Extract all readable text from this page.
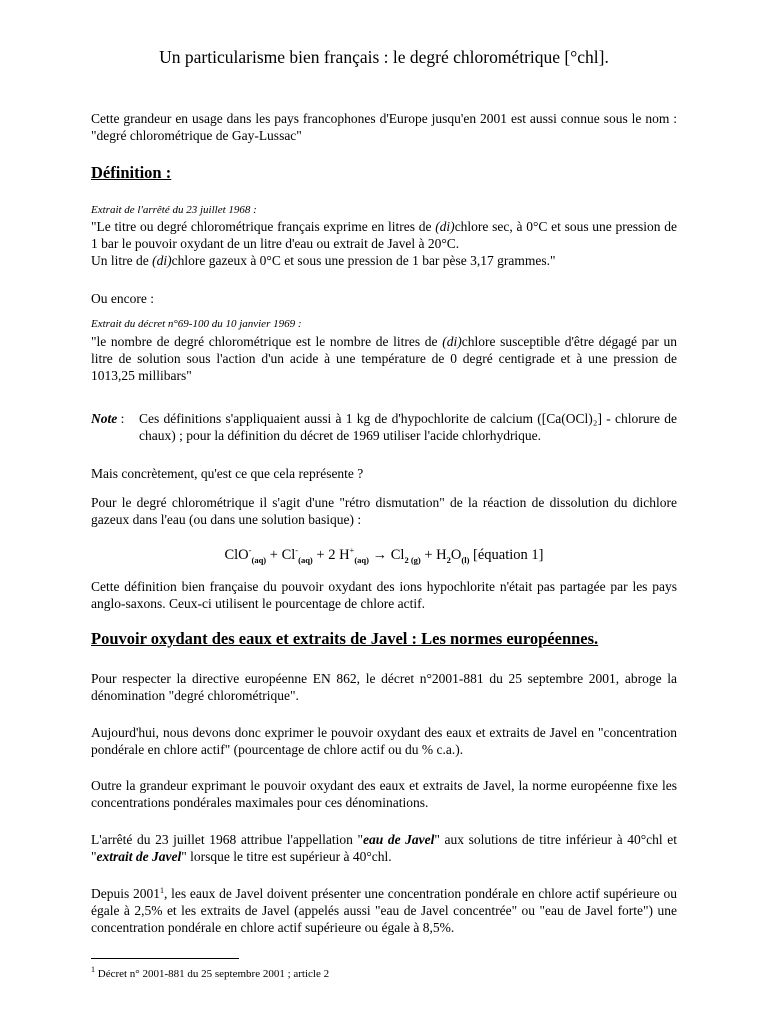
Un particularisme bien français : le degré chlorométrique [°chl].
Cette grandeur en usage dans les pays francophones d'Europe jusqu'en 2001 est aussi connue sous le nom : "degré chlorométrique de Gay-Lussac"
Définition :
Extrait de l'arrêté du 23 juillet 1968 :
"Le titre ou degré chlorométrique français exprime en litres de (di)chlore sec, à 0°C et sous une pression de 1 bar le pouvoir oxydant de un litre d'eau ou extrait de Javel à 20°C.
Un litre de (di)chlore gazeux à 0°C et sous une pression de 1 bar pèse 3,17 grammes."
Ou encore :
Extrait du décret n°69-100 du 10 janvier 1969 :
"le nombre de degré chlorométrique est le nombre de litres de (di)chlore susceptible d'être dégagé par un litre de solution sous l'action d'un acide à une température de 0 degré centigrade et à une pression de 1013,25 millibars"
Note : Ces définitions s'appliquaient aussi à 1 kg de d'hypochlorite de calcium ([Ca(OCl)₂] - chlorure de chaux) ; pour la définition du décret de 1969 utiliser l'acide chlorhydrique.
Mais concrètement, qu'est ce que cela représente ?
Pour le degré chlorométrique il s'agit d'une "rétro dismutation" de la réaction de dissolution du dichlore gazeux dans l'eau (ou dans une solution basique) :
$ClO^-_{(aq)} + Cl^-_{(aq)} + 2$ $H^+_{(aq)} \to Cl_{2 (g)} + H_2O_{(l)}$ [équation 1]
Cette définition bien française du pouvoir oxydant des ions hypochlorite n'était pas partagée par les pays anglo-saxons. Ceux-ci utilisent le pourcentage de chlore actif.
Pouvoir oxydant des eaux et extraits de Javel : Les normes européennes.
Pour respecter la directive européenne EN 862, le décret n°2001-881 du 25 septembre 2001, abroge la dénomination "degré chlorométrique".
Aujourd'hui, nous devons donc exprimer le pouvoir oxydant des eaux et extraits de Javel en "concentration pondérale en chlore actif" (pourcentage de chlore actif ou du % c.a.).
Outre la grandeur exprimant le pouvoir oxydant des eaux et extraits de Javel, la norme européenne fixe les concentrations pondérales maximales pour ces dénominations.
L'arrêté du 23 juillet 1968 attribue l'appellation "eau de Javel" aux solutions de titre inférieur à 40°chl et "extrait de Javel" lorsque le titre est supérieur à 40°chl.
Depuis 2001$^1$, les eaux de Javel doivent présenter une concentration pondérale en chlore actif supérieure ou égale à 2,5% et les extraits de Javel (appelés aussi "eau de Javel concentrée" ou "eau de Javel forte") une concentration pondérale en chlore actif supérieure ou égale à 8,5%.
$^1$ Décret n° 2001-881 du 25 septembre 2001 ; article 2
